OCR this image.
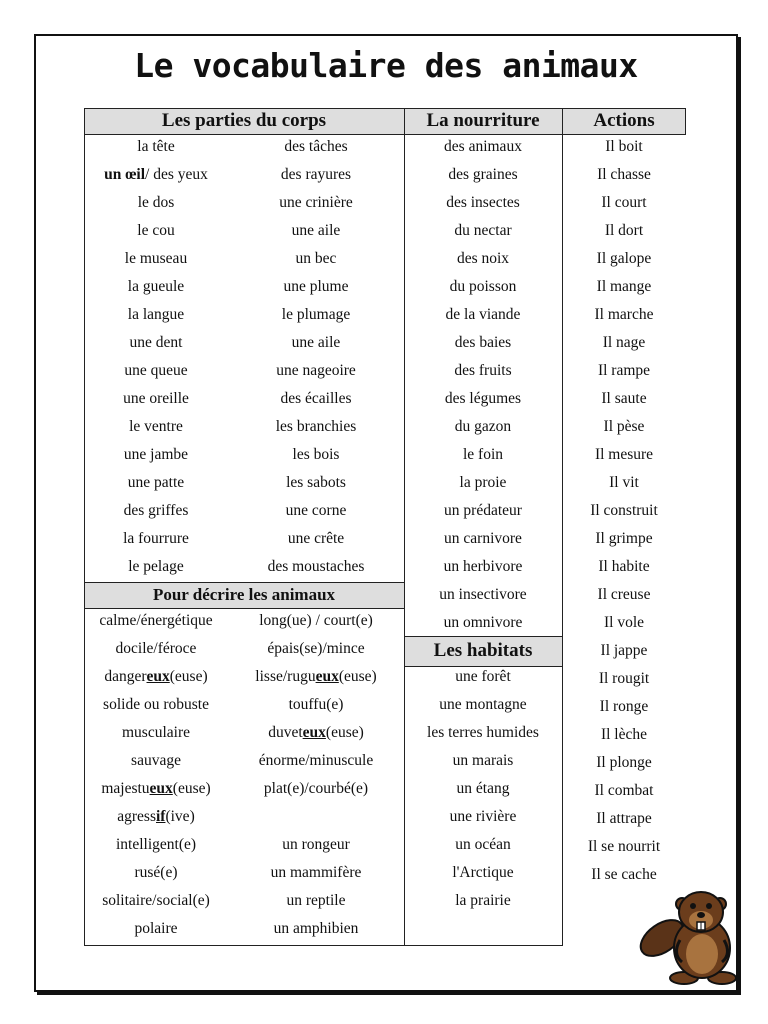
Le vocabulaire des animaux
Les parties du corps	La nourriture	Actions
Pour décrire les animaux
Les habitats
la tête
un œil/ des yeux
le dos
le cou
le museau
la gueule
la langue
une dent
une queue
une oreille
le ventre
une jambe
une patte
des griffes
la fourrure
le pelage
des tâches
des rayures
une crinière
une aile
un bec
une plume
le plumage
une aile
une nageoire
des écailles
les branchies
les bois
les sabots
une corne
une crête
des moustaches
des animaux
des graines
des insectes
du nectar
des noix
du poisson
de la viande
des baies
des fruits
des légumes
du gazon
le foin
la proie
un prédateur
un carnivore
un herbivore
un insectivore
un omnivore
Il boit
Il chasse
Il court
Il dort
Il galope
Il mange
Il marche
Il nage
Il rampe
Il saute
Il pèse
Il mesure
Il vit
Il construit
Il grimpe
Il habite
Il creuse
Il vole
Il jappe
Il rougit
Il ronge
Il lèche
Il plonge
Il combat
Il attrape
Il se nourrit
Il se cache
une forêt
une montagne
les terres humides
un marais
un étang
une rivière
un océan
l'Arctique
la prairie
calme/énergétique
docile/féroce
dangereux(euse)
solide ou robuste
musculaire
sauvage
majestueux(euse)
agressif(ive)
intelligent(e)
rusé(e)
solitaire/social(e)
polaire
long(ue) / court(e)
épais(se)/mince
lisse/rugueux(euse)
touffu(e)
duveteux(euse)
énorme/minuscule
plat(e)/courbé(e)
un rongeur
un mammifère
un reptile
un amphibien
